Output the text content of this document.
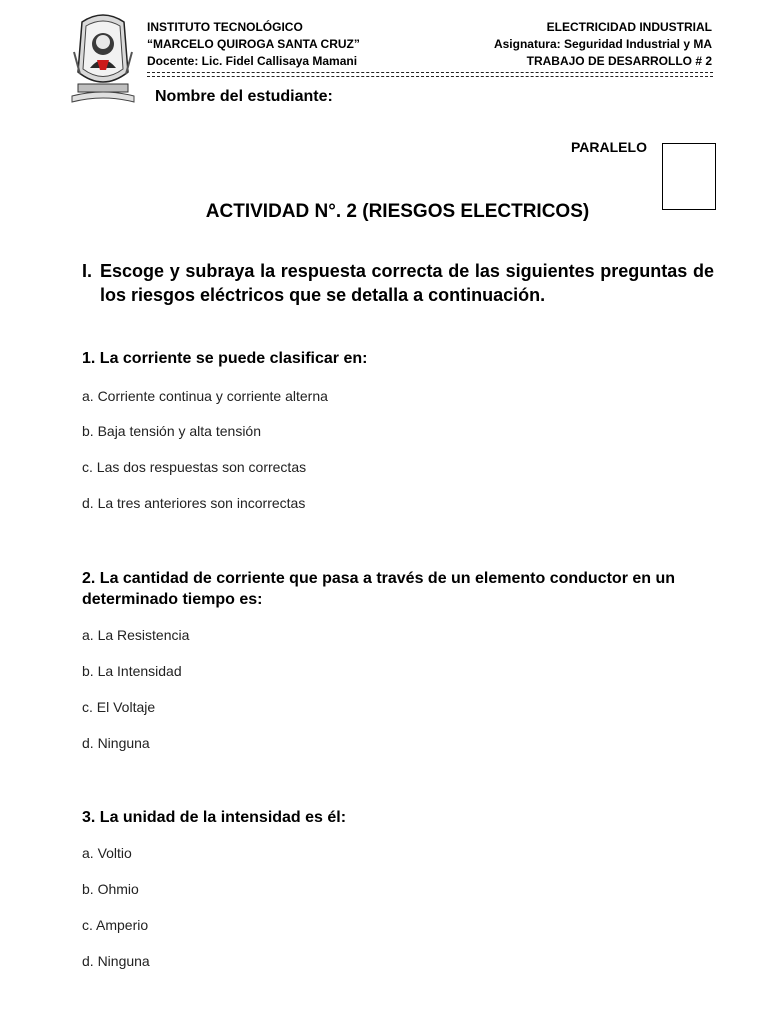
INSTITUTO TECNOLÓGICO
“MARCELO QUIROGA SANTA CRUZ”
Docente: Lic. Fidel Callisaya Mamani
ELECTRICIDAD INDUSTRIAL
Asignatura: Seguridad Industrial y MA
TRABAJO DE DESARROLLO # 2
Nombre del estudiante:
PARALELO
ACTIVIDAD N°. 2 (RIESGOS ELECTRICOS)
I. Escoge y subraya la respuesta correcta de las siguientes preguntas de los riesgos eléctricos que se detalla a continuación.
1. La corriente se puede clasificar en:
a. Corriente continua y corriente alterna
b. Baja tensión y alta tensión
c. Las dos respuestas son correctas
d. La tres anteriores son incorrectas
2. La cantidad de corriente que pasa a través de un elemento conductor en un determinado tiempo es:
a. La Resistencia
b. La Intensidad
c. El Voltaje
d. Ninguna
3. La unidad de la intensidad es él:
a. Voltio
b. Ohmio
c. Amperio
d. Ninguna
